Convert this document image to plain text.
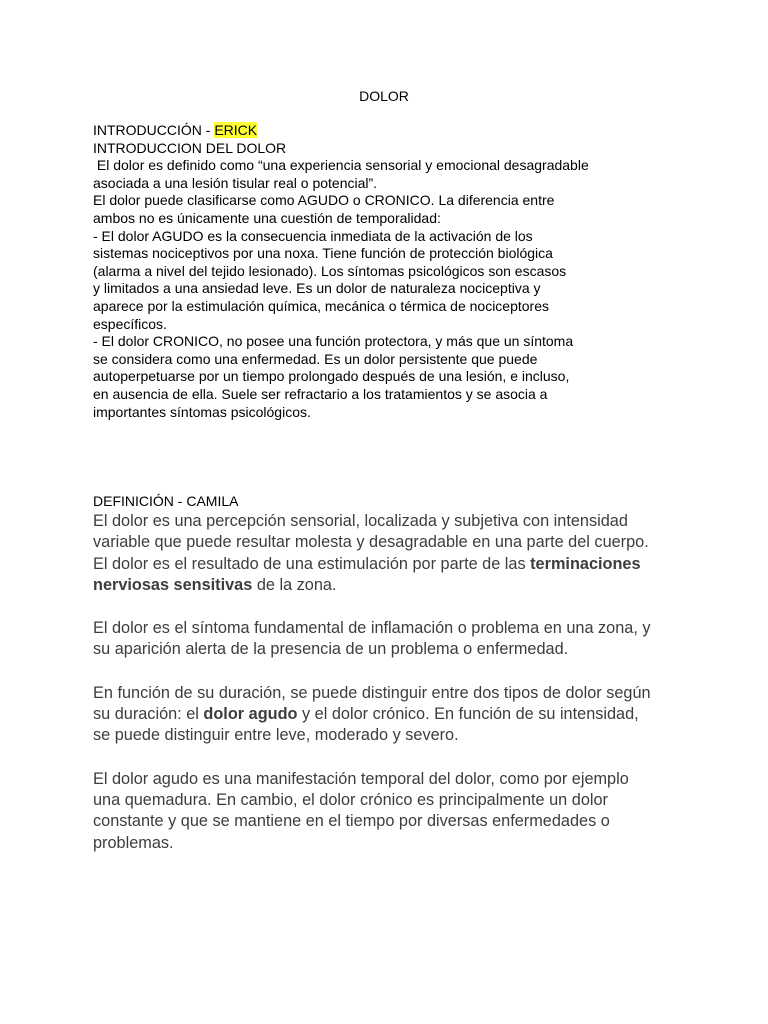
DOLOR
INTRODUCCIÓN - ERICK
INTRODUCCION DEL DOLOR
El dolor es definido como “una experiencia sensorial y emocional desagradable
asociada a una lesión tisular real o potencial”.
El dolor puede clasificarse como AGUDO o CRONICO. La diferencia entre
ambos no es únicamente una cuestión de temporalidad:
- El dolor AGUDO es la consecuencia inmediata de la activación de los
sistemas nociceptivos por una noxa. Tiene función de protección biológica
(alarma a nivel del tejido lesionado). Los síntomas psicológicos son escasos
y limitados a una ansiedad leve. Es un dolor de naturaleza nociceptiva y
aparece por la estimulación química, mecánica o térmica de nociceptores
específicos.
- El dolor CRONICO, no posee una función protectora, y más que un síntoma
se considera como una enfermedad. Es un dolor persistente que puede
autoperpetuarse por un tiempo prolongado después de una lesión, e incluso,
en ausencia de ella. Suele ser refractario a los tratamientos y se asocia a
importantes síntomas psicológicos.
DEFINICIÓN - CAMILA

El dolor es una percepción sensorial, localizada y subjetiva con intensidad
variable que puede resultar molesta y desagradable en una parte del cuerpo.
El dolor es el resultado de una estimulación por parte de las terminaciones
nerviosas sensitivas de la zona.

El dolor es el síntoma fundamental de inflamación o problema en una zona, y
su aparición alerta de la presencia de un problema o enfermedad.

En función de su duración, se puede distinguir entre dos tipos de dolor según
su duración: el dolor agudo y el dolor crónico. En función de su intensidad,
se puede distinguir entre leve, moderado y severo.

El dolor agudo es una manifestación temporal del dolor, como por ejemplo
una quemadura. En cambio, el dolor crónico es principalmente un dolor
constante y que se mantiene en el tiempo por diversas enfermedades o
problemas.
